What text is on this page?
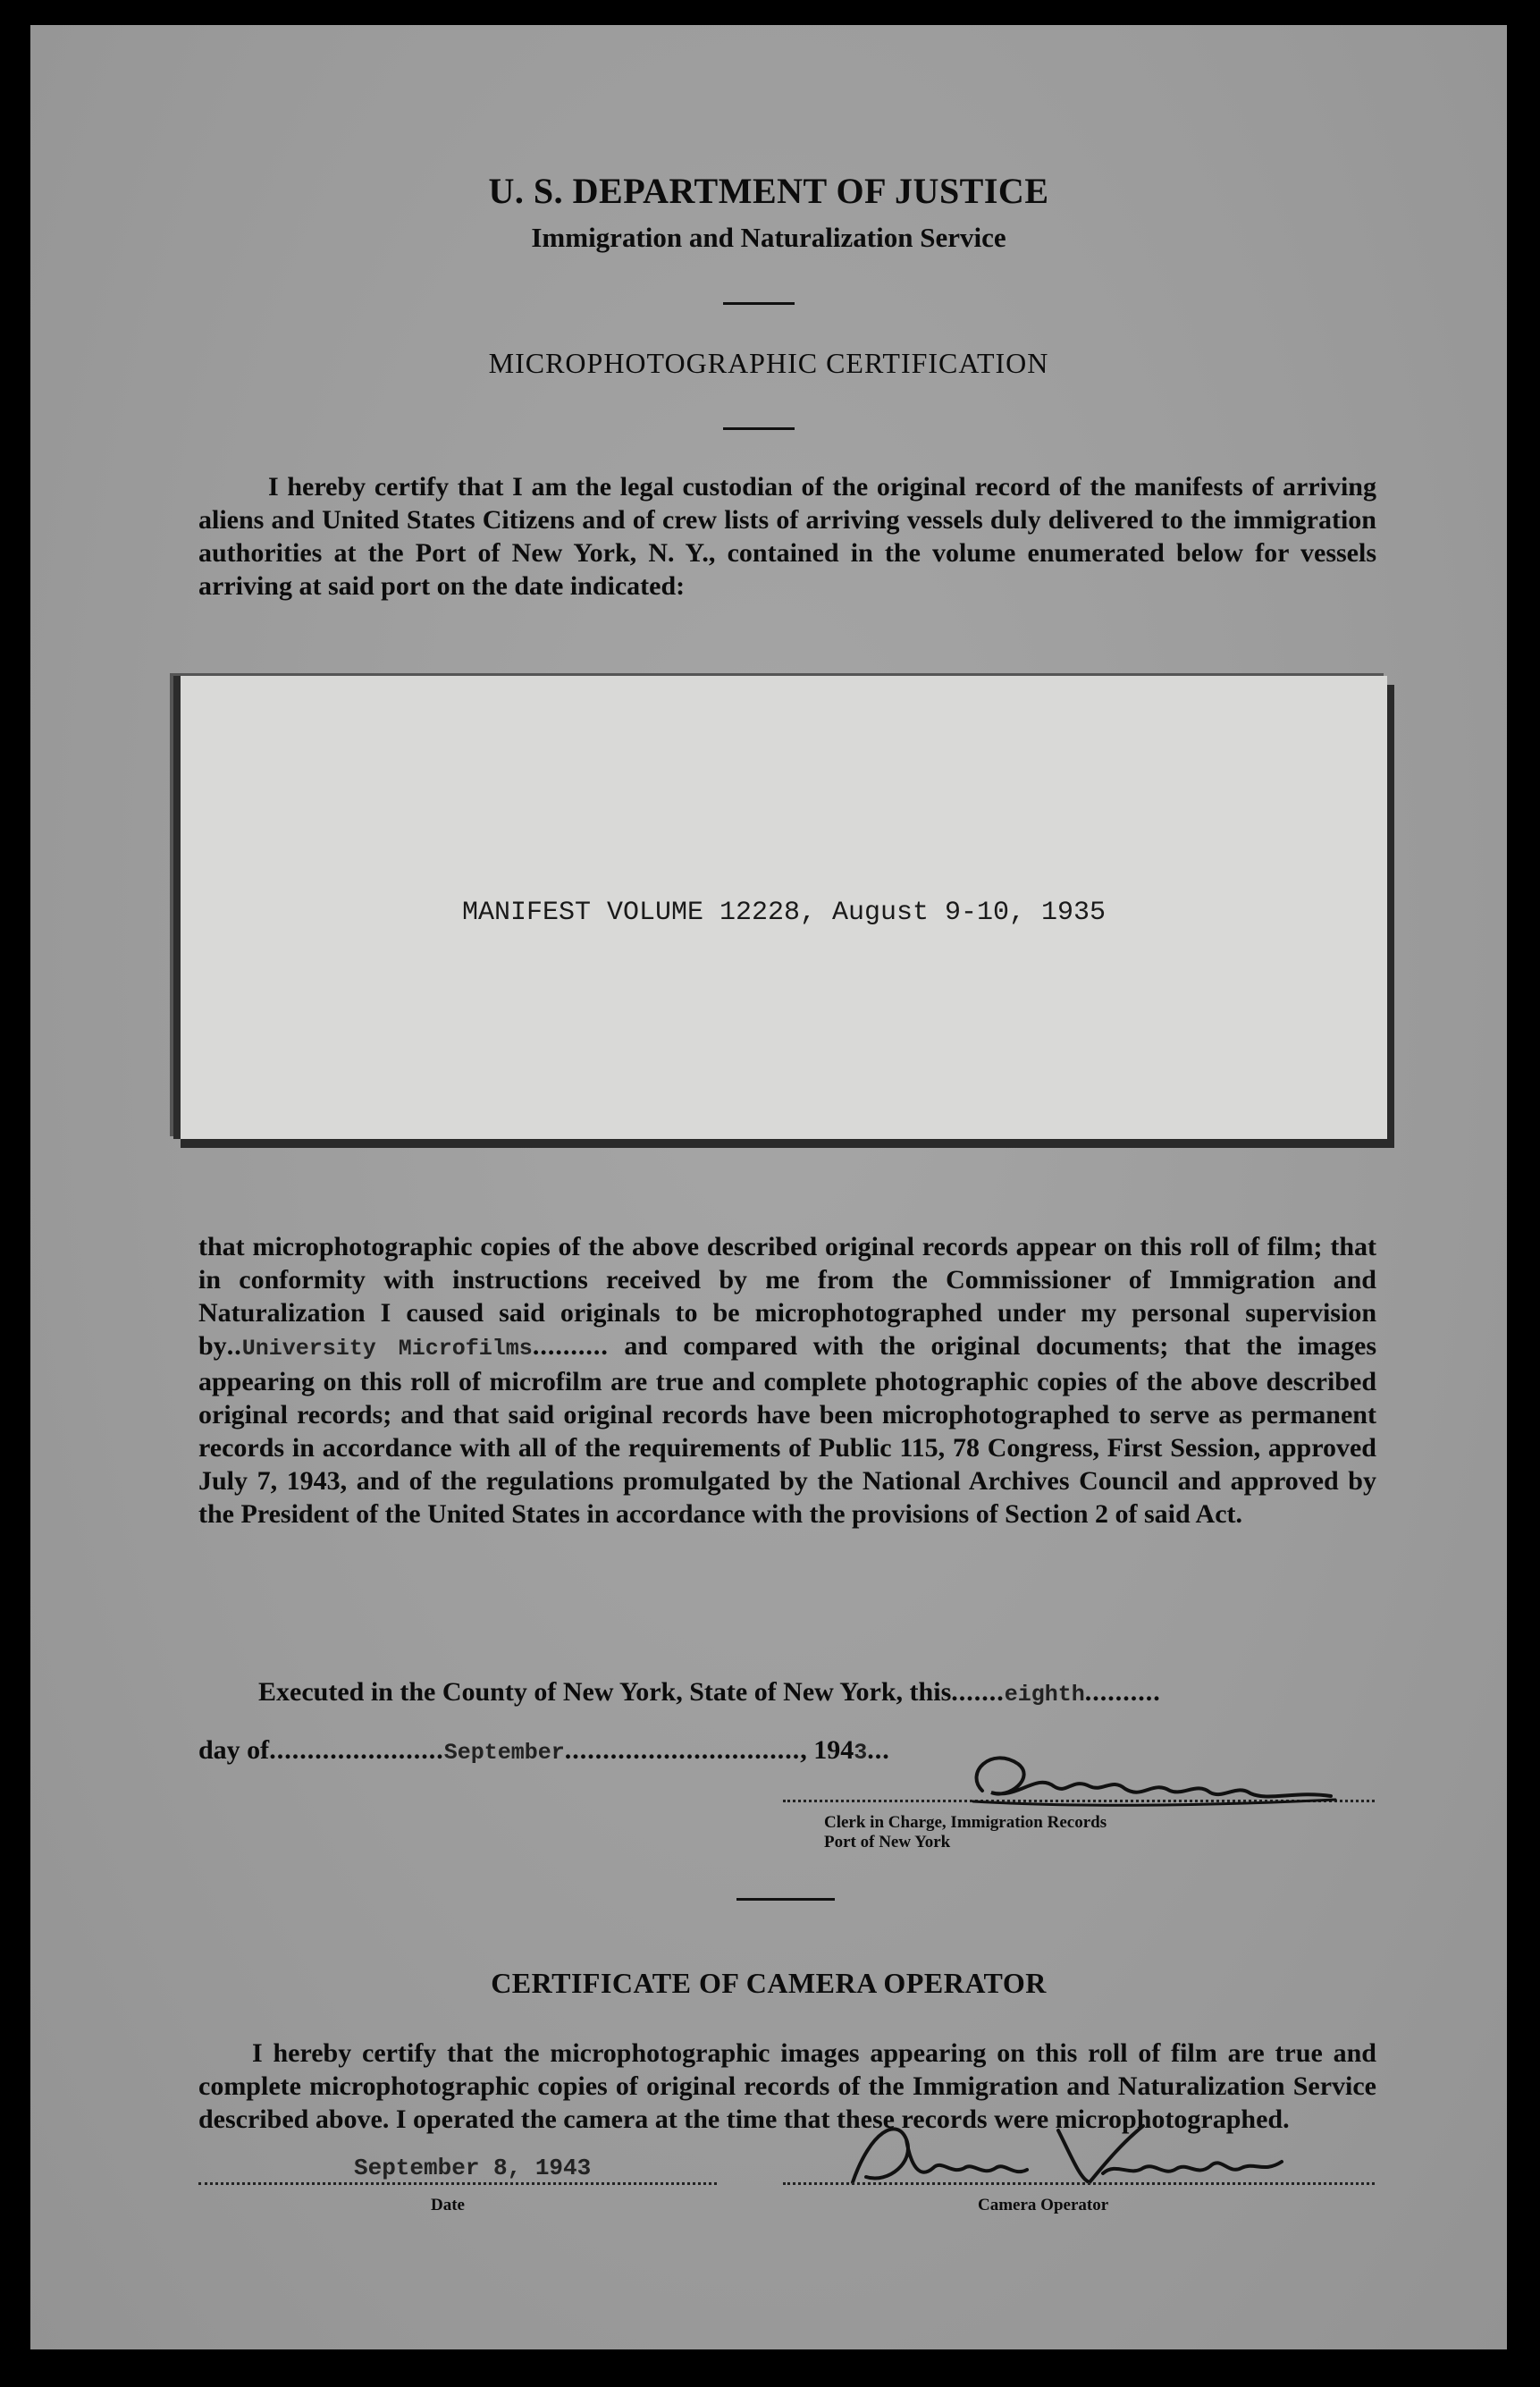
U. S. DEPARTMENT OF JUSTICE
Immigration and Naturalization Service
MICROPHOTOGRAPHIC CERTIFICATION
I hereby certify that I am the legal custodian of the original record of the manifests of arriving aliens and United States Citizens and of crew lists of arriving vessels duly delivered to the immigration authorities at the Port of New York, N. Y., contained in the volume enumerated below for vessels arriving at said port on the date indicated:
MANIFEST VOLUME 12228, August 9-10, 1935
that microphotographic copies of the above described original records appear on this roll of film; that in conformity with instructions received by me from the Commissioner of Immigration and Naturalization I caused said originals to be microphotographed under my personal supervision by..University Microfilms.......... and compared with the original documents; that the images appearing on this roll of microfilm are true and complete photographic copies of the above described original records; and that said original records have been microphotographed to serve as permanent records in accordance with all of the requirements of Public 115, 78 Congress, First Session, approved July 7, 1943, and of the regulations promulgated by the National Archives Council and approved by the President of the United States in accordance with the provisions of Section 2 of said Act.
Executed in the County of New York, State of New York, this.......eighth..........
day of.......................September..............................., 1943...
Clerk in Charge, Immigration Records
Port of New York
CERTIFICATE OF CAMERA OPERATOR
I hereby certify that the microphotographic images appearing on this roll of film are true and complete microphotographic copies of original records of the Immigration and Naturalization Service described above. I operated the camera at the time that these records were microphotographed.
September 8, 1943
Date	Camera Operator
